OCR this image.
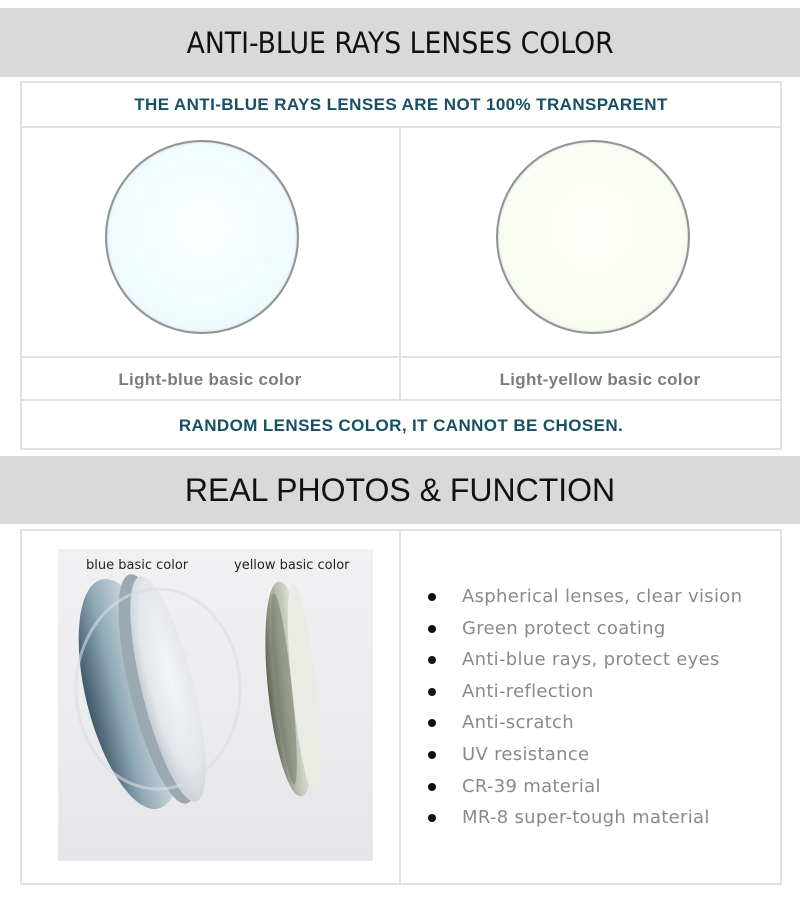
ANTI-BLUE RAYS LENSES COLOR
THE ANTI-BLUE RAYS LENSES ARE NOT 100% TRANSPARENT
Light-blue basic color	Light-yellow basic color
RANDOM LENSES COLOR, IT CANNOT BE CHOSEN.
REAL PHOTOS & FUNCTION
blue basic color	yellow basic color
Aspherical lenses, clear vision
Green protect coating
Anti-blue rays, protect eyes
Anti-reflection
Anti-scratch
UV resistance
CR-39 material
MR-8 super-tough material
